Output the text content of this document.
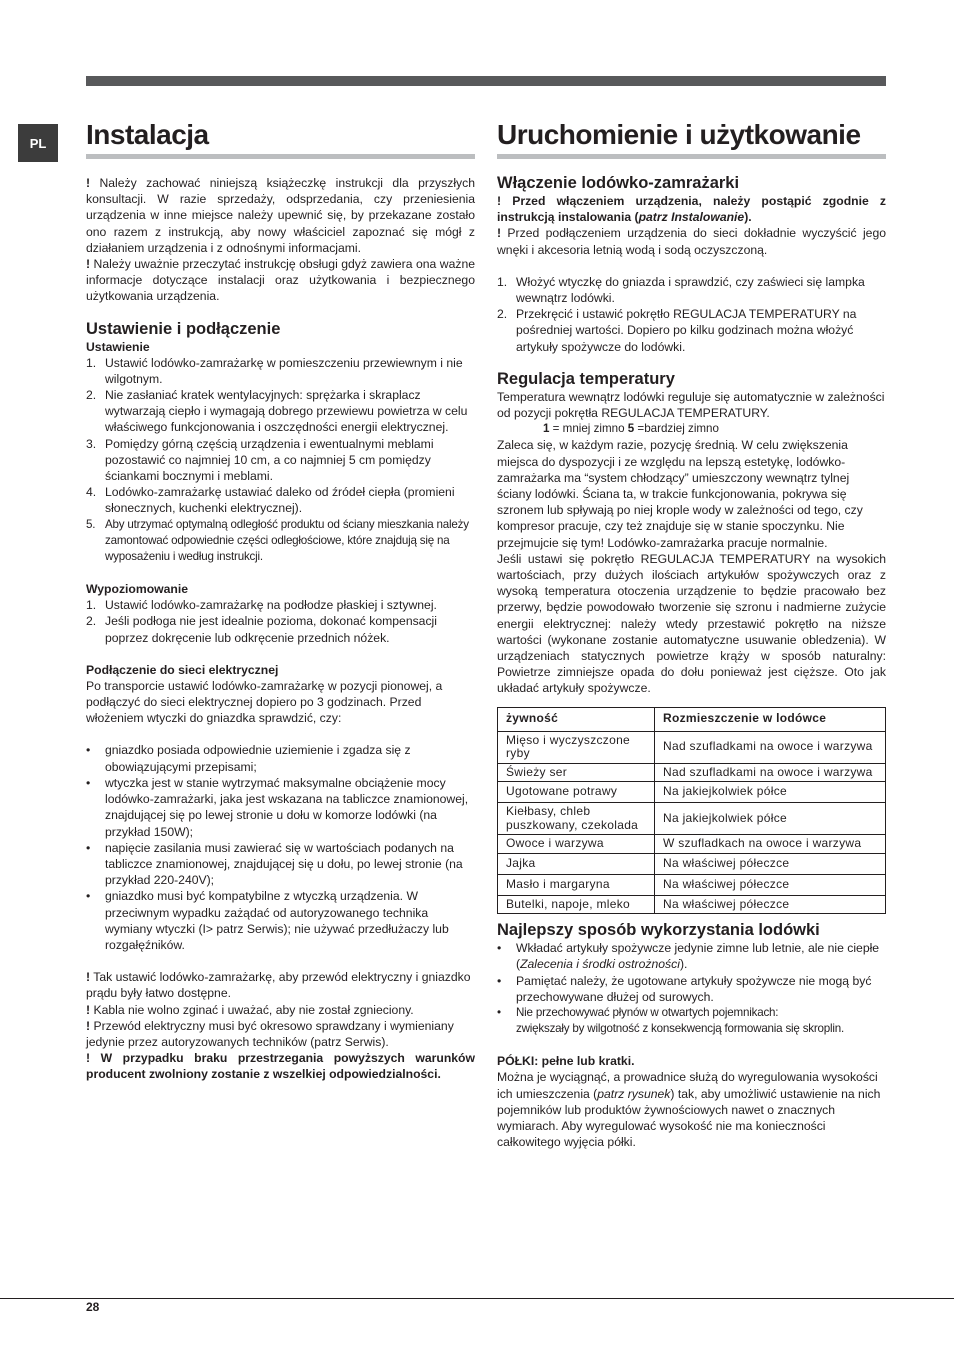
PL	Instalacja

! Należy zachować niniejszą książeczkę instrukcji dla przyszłych konsultacji. W razie sprzedaży, odsprzedania, czy przeniesienia urządzenia w inne miejsce należy upewnić się, by przekazane zostało ono razem z instrukcją, aby nowy właściciel zapoznać się mógł z działaniem urządzenia i z odnośnymi informacjami.

! Należy uważnie przeczytać instrukcję obsługi gdyż zawiera ona ważne informacje dotyczące instalacji oraz użytkowania i bezpiecznego użytkowania urządzenia.

Ustawienie i podłączenie
Ustawienie
1. Ustawić lodówko-zamrażarkę w pomieszczeniu przewiewnym i nie wilgotnym.
2. Nie zasłaniać kratek wentylacyjnych: sprężarka i skraplacz wytwarzają ciepło i wymagają dobrego przewiewu powietrza w celu właściwego funkcjonowania i oszczędności energii elektrycznej.
3. Pomiędzy górną częścią urządzenia i ewentualnymi meblami pozostawić co najmniej 10 cm, a co najmniej 5 cm pomiędzy ściankami bocznymi i meblami.
4. Lodówko-zamrażarkę ustawiać daleko od źródeł ciepła (promieni słonecznych, kuchenki elektrycznej).
5. Aby utrzymać optymalną odległość produktu od ściany mieszkania należy zamontować odpowiednie części odległościowe, które znajdują się na wyposażeniu i według instrukcji.
Wypoziomowanie
1. Ustawić lodówko-zamrażarkę na podłodze płaskiej i sztywnej.
2. Jeśli podłoga nie jest idealnie pozioma, dokonać kompensacji poprzez dokręcenie lub odkręcenie przednich nóżek.
Podłączenie do sieci elektrycznej

Po transporcie ustawić lodówko-zamrażarkę w pozycji pionowej, a podłączyć do sieci elektrycznej dopiero po 3 godzinach. Przed włożeniem wtyczki do gniazdka sprawdzić, czy:

• gniazdko posiada odpowiednie uziemienie i zgadza się z obowiązującymi przepisami;
• wtyczka jest w stanie wytrzymać maksymalne obciążenie mocy lodówko-zamrażarki, jaka jest wskazana na tabliczce znamionowej, znajdującej się po lewej stronie u dołu w komorze lodówki (na przykład 150W);
• napięcie zasilania musi zawierać się w wartościach podanych na tabliczce znamionowej, znajdującej się u dołu, po lewej stronie (na przykład 220-240V);
• gniazdko musi być kompatybilne z wtyczką urządzenia. W przeciwnym wypadku zażądać od autoryzowanego technika wymiany wtyczki (I> patrz Serwis); nie używać przedłużaczy lub rozgałęźników.

! Tak ustawić lodówko-zamrażarkę, aby przewód elektryczny i gniazdko prądu były łatwo dostępne.

! Kabla nie wolno zginać i uważać, aby nie został zgnieciony.

! Przewód elektryczny musi być okresowo sprawdzany i wymieniany jedynie przez autoryzowanych techników (patrz Serwis).

! W przypadku braku przestrzegania powyższych warunków producent zwolniony zostanie z wszelkiej odpowiedzialności.

Uruchomienie i użytkowanie
Włączenie lodówko-zamrażarki

! Przed włączeniem urządzenia, należy postąpić zgodnie z instrukcją instalowania (patrz Instalowanie).

! Przed podłączeniem urządzenia do sieci dokładnie wyczyścić jego wnęki i akcesoria letnią wodą i sodą oczyszczoną.

1. Włożyć wtyczkę do gniazda i sprawdzić, czy zaświeci się lampka wewnątrz lodówki.
2. Przekręcić i ustawić pokrętło REGULACJA TEMPERATURY na pośredniej wartości. Dopiero po kilku godzinach można włożyć artykuły spożywcze do lodówki.
Regulacja temperatury

Temperatura wewnątrz lodówki reguluje się automatycznie w zależności od pozycji pokrętła REGULACJA TEMPERATURY.

1 = mniej zimno 5 =bardziej zimno

Zaleca się, w każdym razie, pozycję średnią. W celu zwiększenia miejsca do dyspozycji i ze względu na lepszą estetykę, lodówko-zamrażarka ma “system chłodzący” umieszczony wewnątrz tylnej ściany lodówki. Ściana ta, w trakcie funkcjonowania, pokrywa się szronem lub spływają po niej krople wody w zależności od tego, czy kompresor pracuje, czy też znajduje się w stanie spoczynku. Nie przejmujcie się tym! Lodówko-zamrażarka pracuje normalnie.

Jeśli ustawi się pokrętło REGULACJA TEMPERATURY na wysokich wartościach, przy dużych ilościach artykułów spożywczych oraz z wysoką temperatura otoczenia urządzenie to będzie pracowało bez przerwy, będzie powodowało tworzenie się szronu i nadmierne zużycie energii elektrycznej: należy wtedy przestawić pokrętło na niższe wartości (wykonane zostanie automatyczne usuwanie obledzenia). W urządzeniach statycznych powietrze krąży w sposób naturalny: Powietrze zimniejsze opada do dołu ponieważ jest cięższe. Oto jak układać artykuły spożywcze.

żywność	Rozmieszczenie w lodówce
Mięso i wyczyszczone ryby	Nad szufladkami na owoce i warzywa
Świeży ser	Nad szufladkami na owoce i warzywa
Ugotowane potrawy	Na jakiejkolwiek półce
Kiełbasy, chleb puszkowany, czekolada	Na jakiejkolwiek półce
Owoce i warzywa	W szufladkach na owoce i warzywa
Jajka	Na właściwej półeczce
Masło i margaryna	Na właściwej półeczce
Butelki, napoje, mleko	Na właściwej półeczce
Najlepszy sposób wykorzystania lodówki
• Wkładać artykuły spożywcze jedynie zimne lub letnie, ale nie ciepłe (Zalecenia i środki ostrożności).
• Pamiętać należy, że ugotowane artykuły spożywcze nie mogą być przechowywane dłużej od surowych.
• Nie przechowywać płynów w otwartych pojemnikach:
zwiększały by wilgotność z konsekwencją formowania się skroplin.
PÓŁKI: pełne lub kratki.

Można je wyciągnąć, a prowadnice służą do wyregulowania wysokości ich umieszczenia (patrz rysunek) tak, aby umożliwić ustawienie na nich pojemników lub produktów żywnościowych nawet o znacznych wymiarach. Aby wyregulować wysokość nie ma konieczności całkowitego wyjęcia półki.

28
